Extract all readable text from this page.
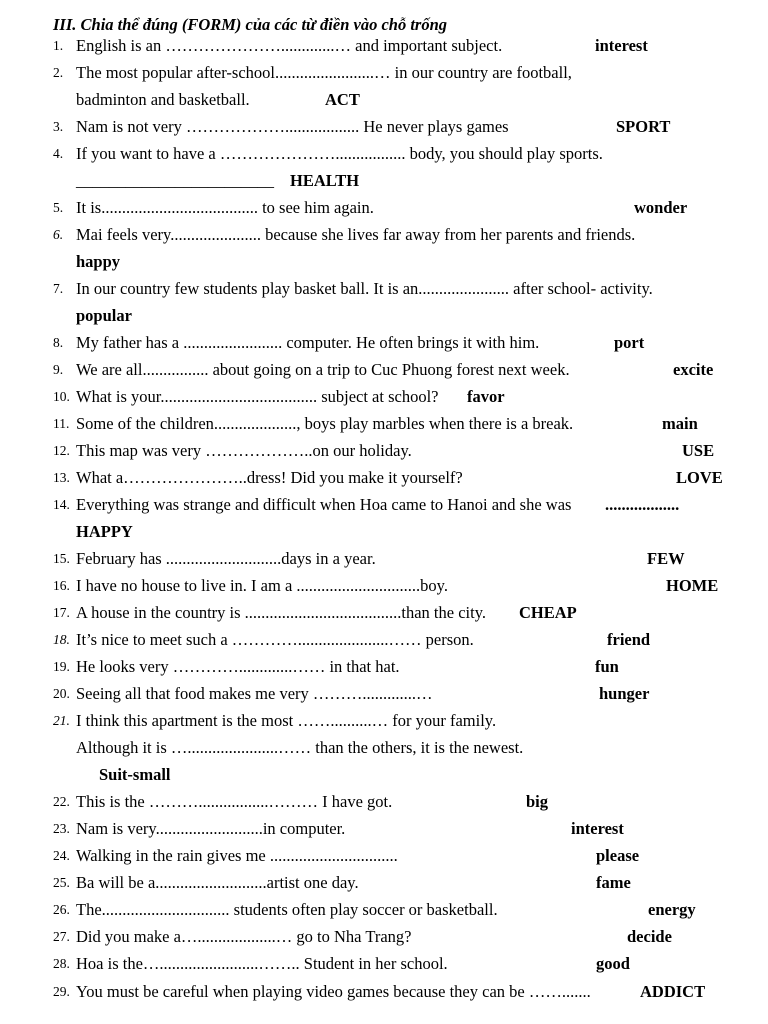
III. Chia thể đúng (FORM) của các từ điền vào chỗ trống
1. English is an ………………….............… and important subject.	interest
2. The most popular after-school........................… in our country are football,
badminton and basketball.	ACT
3. Nam is not very ……………….................. He never plays games	SPORT
4. If you want to have a …………………................. body, you should play sports.
________________________ HEALTH
5. It is...................................... to see him again.	wonder
6. Mai feels very...................... because she lives far away from her parents and friends.
happy
7. In our country few students play basket ball. It is an...................... after school- activity.
popular
8. My father has a ........................ computer. He often brings it with him.	port
9. We are all................ about going on a trip to Cuc Phuong forest next week.	excite
10. What is your...................................... subject at school? favor
11. Some of the children...................., boys play marbles when there is a break.	main
12. This map was very ………………..on our holiday.	USE
13. What a…………………..dress! Did you make it yourself?	LOVE
14. Everything was strange and difficult when Hoa came to Hanoi and she was ..................
HAPPY
15. February has ............................days in a year.	FEW
16. I have no house to live in. I am a ..............................boy.	HOME
17. A house in the country is ......................................than the city. CHEAP
18. It’s nice to meet such a …………......................…… person.	friend
19. He looks very ………….............…… in that hat.	fun
20. Seeing all that food makes me very ……….............…	hunger
21. I think this apartment is the most ……..........… for your family.
Although it is …......................…… than the others, it is the newest.
Suit-small
22. This is the ……….................……… I have got.	big
23. Nam is very..........................in computer.	interest
24. Walking in the rain gives me ...............................	please
25. Ba will be a...........................artist one day.	fame
26. The............................... students often play soccer or basketball.	energy
27. Did you make a…...................… go to Nha Trang?	decide
28. Hoa is the…........................…….. Student in her school.	good
29. You must be careful when playing video games because they can be …….......	ADDICT
